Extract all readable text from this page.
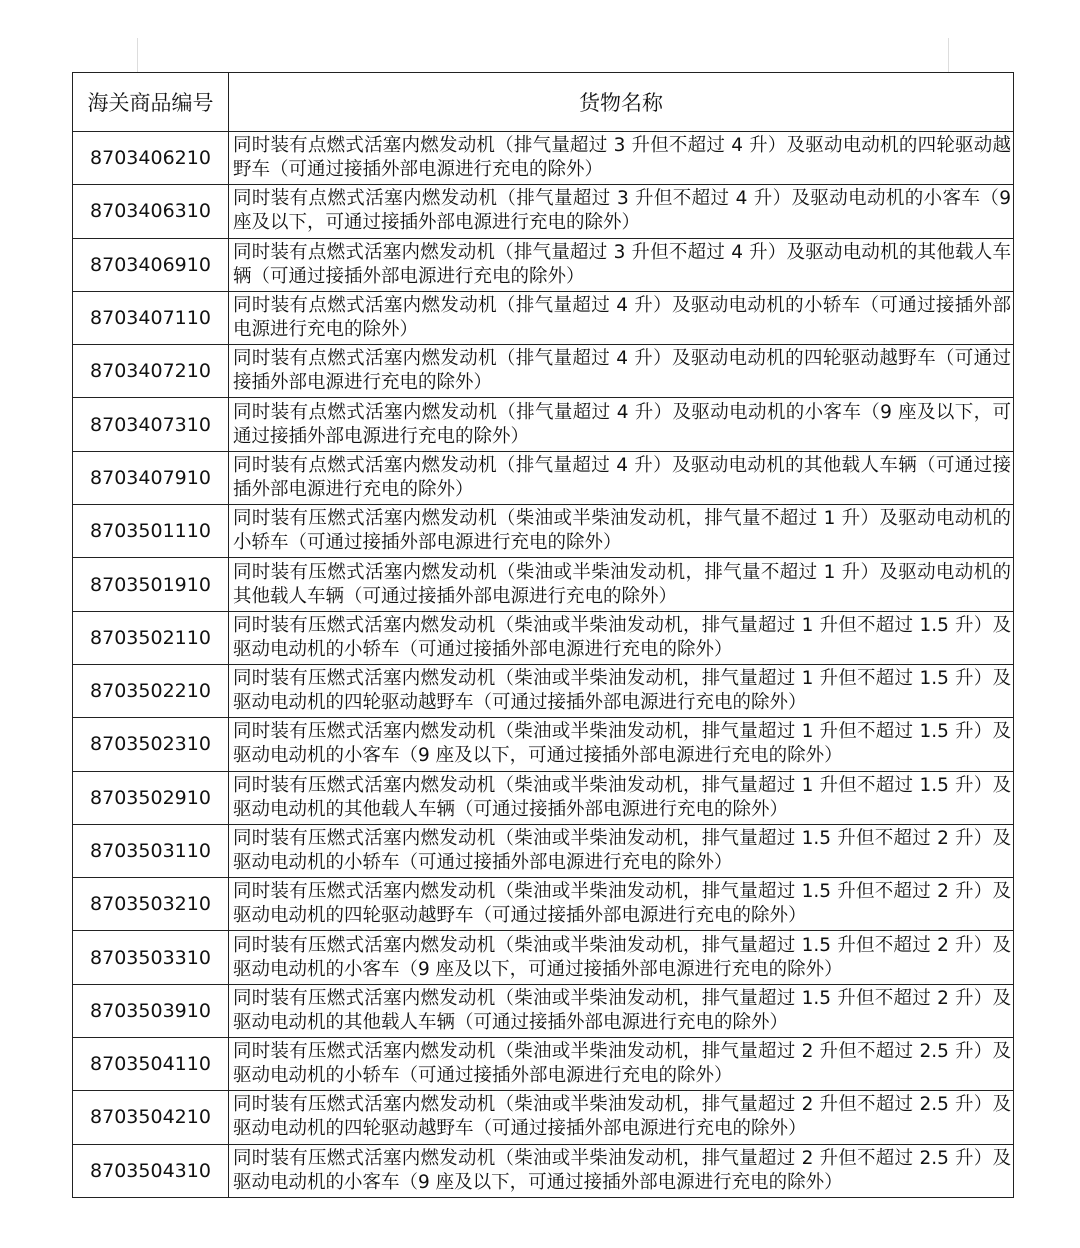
海关商品编号	货物名称
8703406210	同时装有点燃式活塞内燃发动机（排气量超过 3 升但不超过 4 升）及驱动电动机的四轮驱动越野车（可通过接插外部电源进行充电的除外）
8703406310	同时装有点燃式活塞内燃发动机（排气量超过 3 升但不超过 4 升）及驱动电动机的小客车（9 座及以下，可通过接插外部电源进行充电的除外）
8703406910	同时装有点燃式活塞内燃发动机（排气量超过 3 升但不超过 4 升）及驱动电动机的其他载人车辆（可通过接插外部电源进行充电的除外）
8703407110	同时装有点燃式活塞内燃发动机（排气量超过 4 升）及驱动电动机的小轿车（可通过接插外部电源进行充电的除外）
8703407210	同时装有点燃式活塞内燃发动机（排气量超过 4 升）及驱动电动机的四轮驱动越野车（可通过接插外部电源进行充电的除外）
8703407310	同时装有点燃式活塞内燃发动机（排气量超过 4 升）及驱动电动机的小客车（9 座及以下，可通过接插外部电源进行充电的除外）
8703407910	同时装有点燃式活塞内燃发动机（排气量超过 4 升）及驱动电动机的其他载人车辆（可通过接插外部电源进行充电的除外）
8703501110	同时装有压燃式活塞内燃发动机（柴油或半柴油发动机，排气量不超过 1 升）及驱动电动机的小轿车（可通过接插外部电源进行充电的除外）
8703501910	同时装有压燃式活塞内燃发动机（柴油或半柴油发动机，排气量不超过 1 升）及驱动电动机的其他载人车辆（可通过接插外部电源进行充电的除外）
8703502110	同时装有压燃式活塞内燃发动机（柴油或半柴油发动机，排气量超过 1 升但不超过 1.5 升）及驱动电动机的小轿车（可通过接插外部电源进行充电的除外）
8703502210	同时装有压燃式活塞内燃发动机（柴油或半柴油发动机，排气量超过 1 升但不超过 1.5 升）及驱动电动机的四轮驱动越野车（可通过接插外部电源进行充电的除外）
8703502310	同时装有压燃式活塞内燃发动机（柴油或半柴油发动机，排气量超过 1 升但不超过 1.5 升）及驱动电动机的小客车（9 座及以下，可通过接插外部电源进行充电的除外）
8703502910	同时装有压燃式活塞内燃发动机（柴油或半柴油发动机，排气量超过 1 升但不超过 1.5 升）及驱动电动机的其他载人车辆（可通过接插外部电源进行充电的除外）
8703503110	同时装有压燃式活塞内燃发动机（柴油或半柴油发动机，排气量超过 1.5 升但不超过 2 升）及驱动电动机的小轿车（可通过接插外部电源进行充电的除外）
8703503210	同时装有压燃式活塞内燃发动机（柴油或半柴油发动机，排气量超过 1.5 升但不超过 2 升）及驱动电动机的四轮驱动越野车（可通过接插外部电源进行充电的除外）
8703503310	同时装有压燃式活塞内燃发动机（柴油或半柴油发动机，排气量超过 1.5 升但不超过 2 升）及驱动电动机的小客车（9 座及以下，可通过接插外部电源进行充电的除外）
8703503910	同时装有压燃式活塞内燃发动机（柴油或半柴油发动机，排气量超过 1.5 升但不超过 2 升）及驱动电动机的其他载人车辆（可通过接插外部电源进行充电的除外）
8703504110	同时装有压燃式活塞内燃发动机（柴油或半柴油发动机，排气量超过 2 升但不超过 2.5 升）及驱动电动机的小轿车（可通过接插外部电源进行充电的除外）
8703504210	同时装有压燃式活塞内燃发动机（柴油或半柴油发动机，排气量超过 2 升但不超过 2.5 升）及驱动电动机的四轮驱动越野车（可通过接插外部电源进行充电的除外）
8703504310	同时装有压燃式活塞内燃发动机（柴油或半柴油发动机，排气量超过 2 升但不超过 2.5 升）及驱动电动机的小客车（9 座及以下，可通过接插外部电源进行充电的除外）
